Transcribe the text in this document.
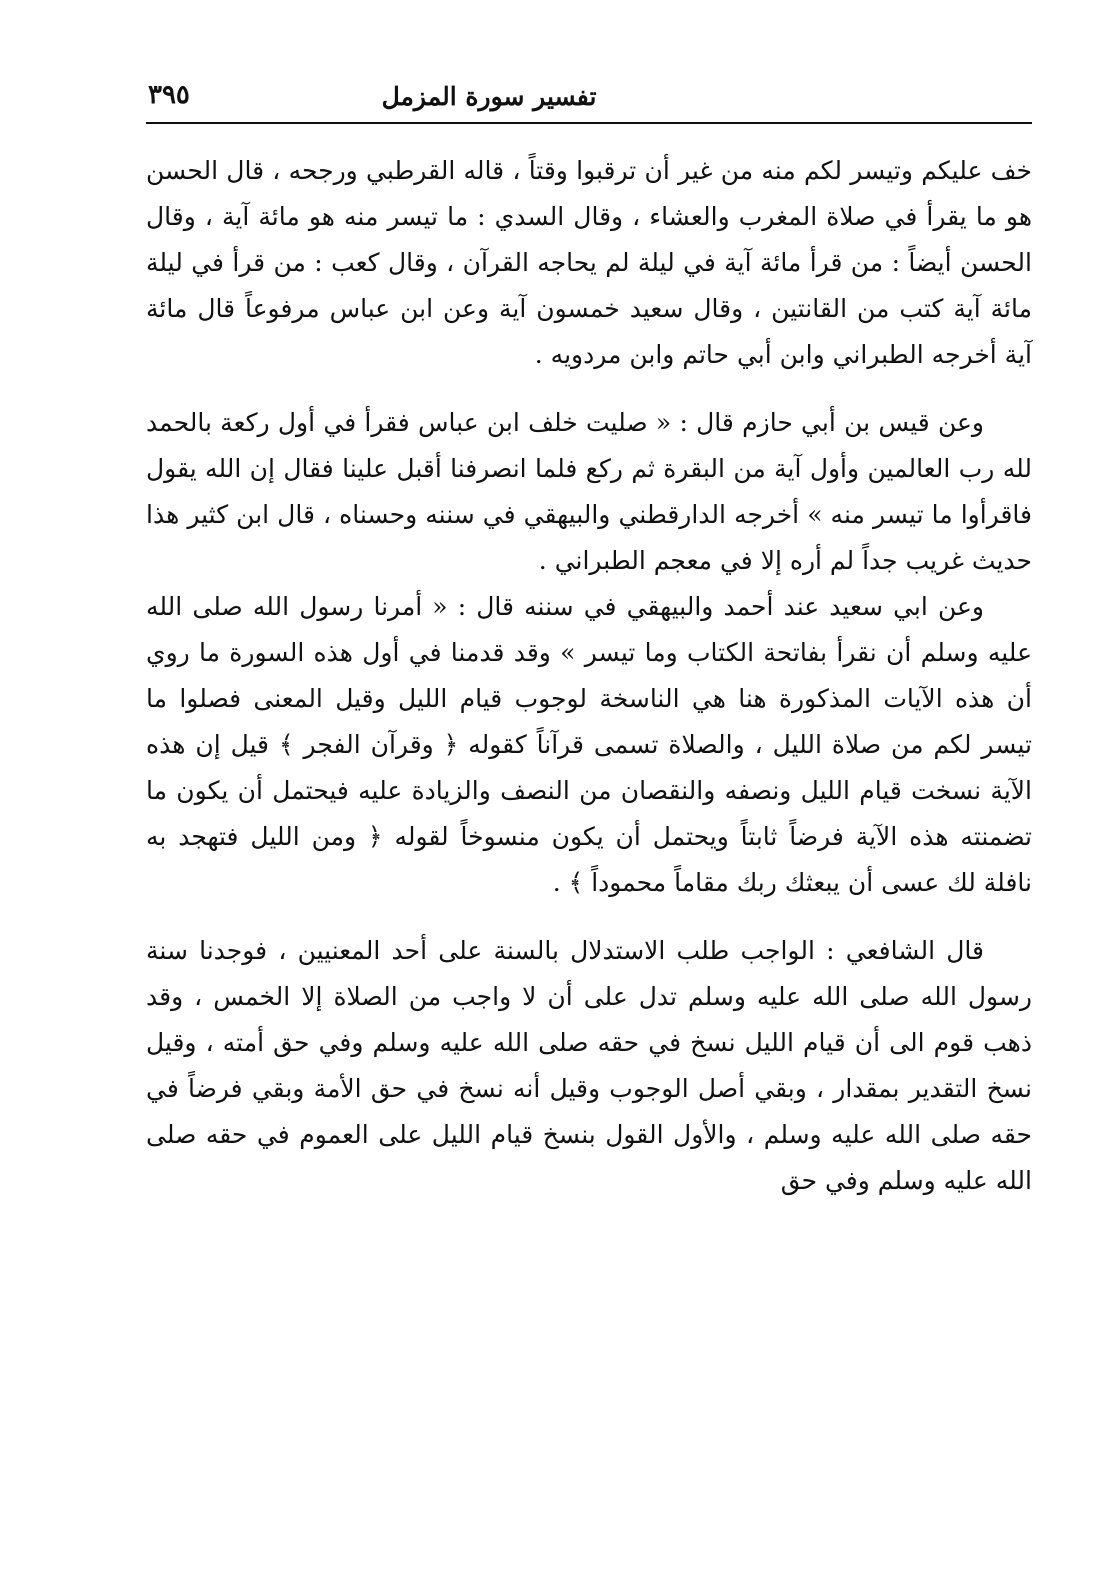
تفسير سورة المزمل
٣٩٥

خف عليكم وتيسر لكم منه من غير أن ترقبوا وقتاً ، قاله القرطبي ورجحه ، قال الحسن هو ما يقرأ في صلاة المغرب والعشاء ، وقال السدي : ما تيسر منه هو مائة آية ، وقال الحسن أيضاً : من قرأ مائة آية في ليلة لم يحاجه القرآن ، وقال كعب : من قرأ في ليلة مائة آية كتب من القانتين ، وقال سعيد خمسون آية وعن ابن عباس مرفوعاً قال مائة آية أخرجه الطبراني وابن أبي حاتم وابن مردويه .

وعن قيس بن أبي حازم قال : « صليت خلف ابن عباس فقرأ في أول ركعة بالحمد لله رب العالمين وأول آية من البقرة ثم ركع فلما انصرفنا أقبل علينا فقال إن الله يقول فاقرأوا ما تيسر منه » أخرجه الدارقطني والبيهقي في سننه وحسناه ، قال ابن كثير هذا حديث غريب جداً لم أره إلا في معجم الطبراني .

وعن ابي سعيد عند أحمد والبيهقي في سننه قال : « أمرنا رسول الله صلى الله عليه وسلم أن نقرأ بفاتحة الكتاب وما تيسر » وقد قدمنا في أول هذه السورة ما روي أن هذه الآيات المذكورة هنا هي الناسخة لوجوب قيام الليل وقيل المعنى فصلوا ما تيسر لكم من صلاة الليل ، والصلاة تسمى قرآناً كقوله ﴿ وقرآن الفجر ﴾ قيل إن هذه الآية نسخت قيام الليل ونصفه والنقصان من النصف والزيادة عليه فيحتمل أن يكون ما تضمنته هذه الآية فرضاً ثابتاً ويحتمل أن يكون منسوخاً لقوله ﴿ ومن الليل فتهجد به نافلة لك عسى أن يبعثك ربك مقاماً محموداً ﴾ .

قال الشافعي : الواجب طلب الاستدلال بالسنة على أحد المعنيين ، فوجدنا سنة رسول الله صلى الله عليه وسلم تدل على أن لا واجب من الصلاة إلا الخمس ، وقد ذهب قوم الى أن قيام الليل نسخ في حقه صلى الله عليه وسلم وفي حق أمته ، وقيل نسخ التقدير بمقدار ، وبقي أصل الوجوب وقيل أنه نسخ في حق الأمة وبقي فرضاً في حقه صلى الله عليه وسلم ، والأول القول بنسخ قيام الليل على العموم في حقه صلى الله عليه وسلم وفي حق
